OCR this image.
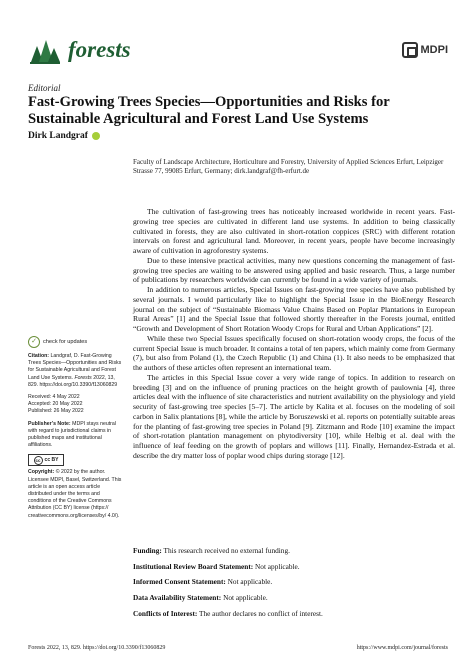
forests	MDPI
Editorial
Fast-Growing Trees Species—Opportunities and Risks for Sustainable Agricultural and Forest Land Use Systems
Dirk Landgraf
Faculty of Landscape Architecture, Horticulture and Forestry, University of Applied Sciences Erfurt, Leipziger Strasse 77, 99085 Erfurt, Germany; dirk.landgraf@fh-erfurt.de
✓	check for updates
Citation: Landgraf, D. Fast-Growing Trees Species—Opportunities and Risks for Sustainable Agricultural and Forest Land Use Systems. Forests 2022, 13, 829. https://doi.org/10.3390/f13060829
Received: 4 May 2022
Accepted: 20 May 2022
Published: 26 May 2022
Publisher’s Note: MDPI stays neutral with regard to jurisdictional claims in published maps and institutional affiliations.
cc cc BY
Copyright: © 2022 by the author. Licensee MDPI, Basel, Switzerland. This article is an open access article distributed under the terms and conditions of the Creative Commons Attribution (CC BY) license (https:// creativecommons.org/licenses/by/ 4.0/).

The cultivation of fast-growing trees has noticeably increased worldwide in recent years. Fast-growing tree species are cultivated in different land use systems. In addition to being classically cultivated in forests, they are also cultivated in short-rotation coppices (SRC) with different rotation intervals on forest and agricultural land. Moreover, in recent years, people have become increasingly aware of cultivation in agroforestry systems.

Due to these intensive practical activities, many new questions concerning the management of fast-growing tree species are waiting to be answered using applied and basic research. Thus, a large number of publications by researchers worldwide can currently be found in a wide variety of journals.

In addition to numerous articles, Special Issues on fast-growing tree species have also published by several journals. I would particularly like to highlight the Special Issue in the BioEnergy Research journal on the subject of “Sustainable Biomass Value Chains Based on Poplar Plantations in European Rural Areas” [1] and the Special Issue that followed shortly thereafter in the Forests journal, entitled “Growth and Development of Short Rotation Woody Crops for Rural and Urban Applications” [2].

While these two Special Issues specifically focused on short-rotation woody crops, the focus of the current Special Issue is much broader. It contains a total of ten papers, which mainly come from Germany (7), but also from Poland (1), the Czech Republic (1) and China (1). It also needs to be emphasized that the authors of these articles often represent an international team.

The articles in this Special Issue cover a very wide range of topics. In addition to research on breeding [3] and on the influence of pruning practices on the height growth of paulownia [4], three articles deal with the influence of site characteristics and nutrient availability on the physiology and yield security of fast-growing tree species [5–7]. The article by Kalita et al. focuses on the modeling of soil carbon in Salix plantations [8], while the article by Boruszewski et al. reports on potentially suitable areas for the planting of fast-growing tree species in Poland [9]. Zitzmann and Rode [10] examine the impact of short-rotation plantation management on phytodiversity [10], while Helbig et al. deal with the influence of leaf feeding on the growth of poplars and willows [11]. Finally, Hernandez-Estrada et al. describe the dry matter loss of poplar wood chips during storage [12].

Funding: This research received no external funding.
Institutional Review Board Statement: Not applicable.
Informed Consent Statement: Not applicable.
Data Availability Statement: Not applicable.
Conflicts of Interest: The author declares no conflict of interest.
Forests 2022, 13, 829. https://doi.org/10.3390/f13060829	https://www.mdpi.com/journal/forests
